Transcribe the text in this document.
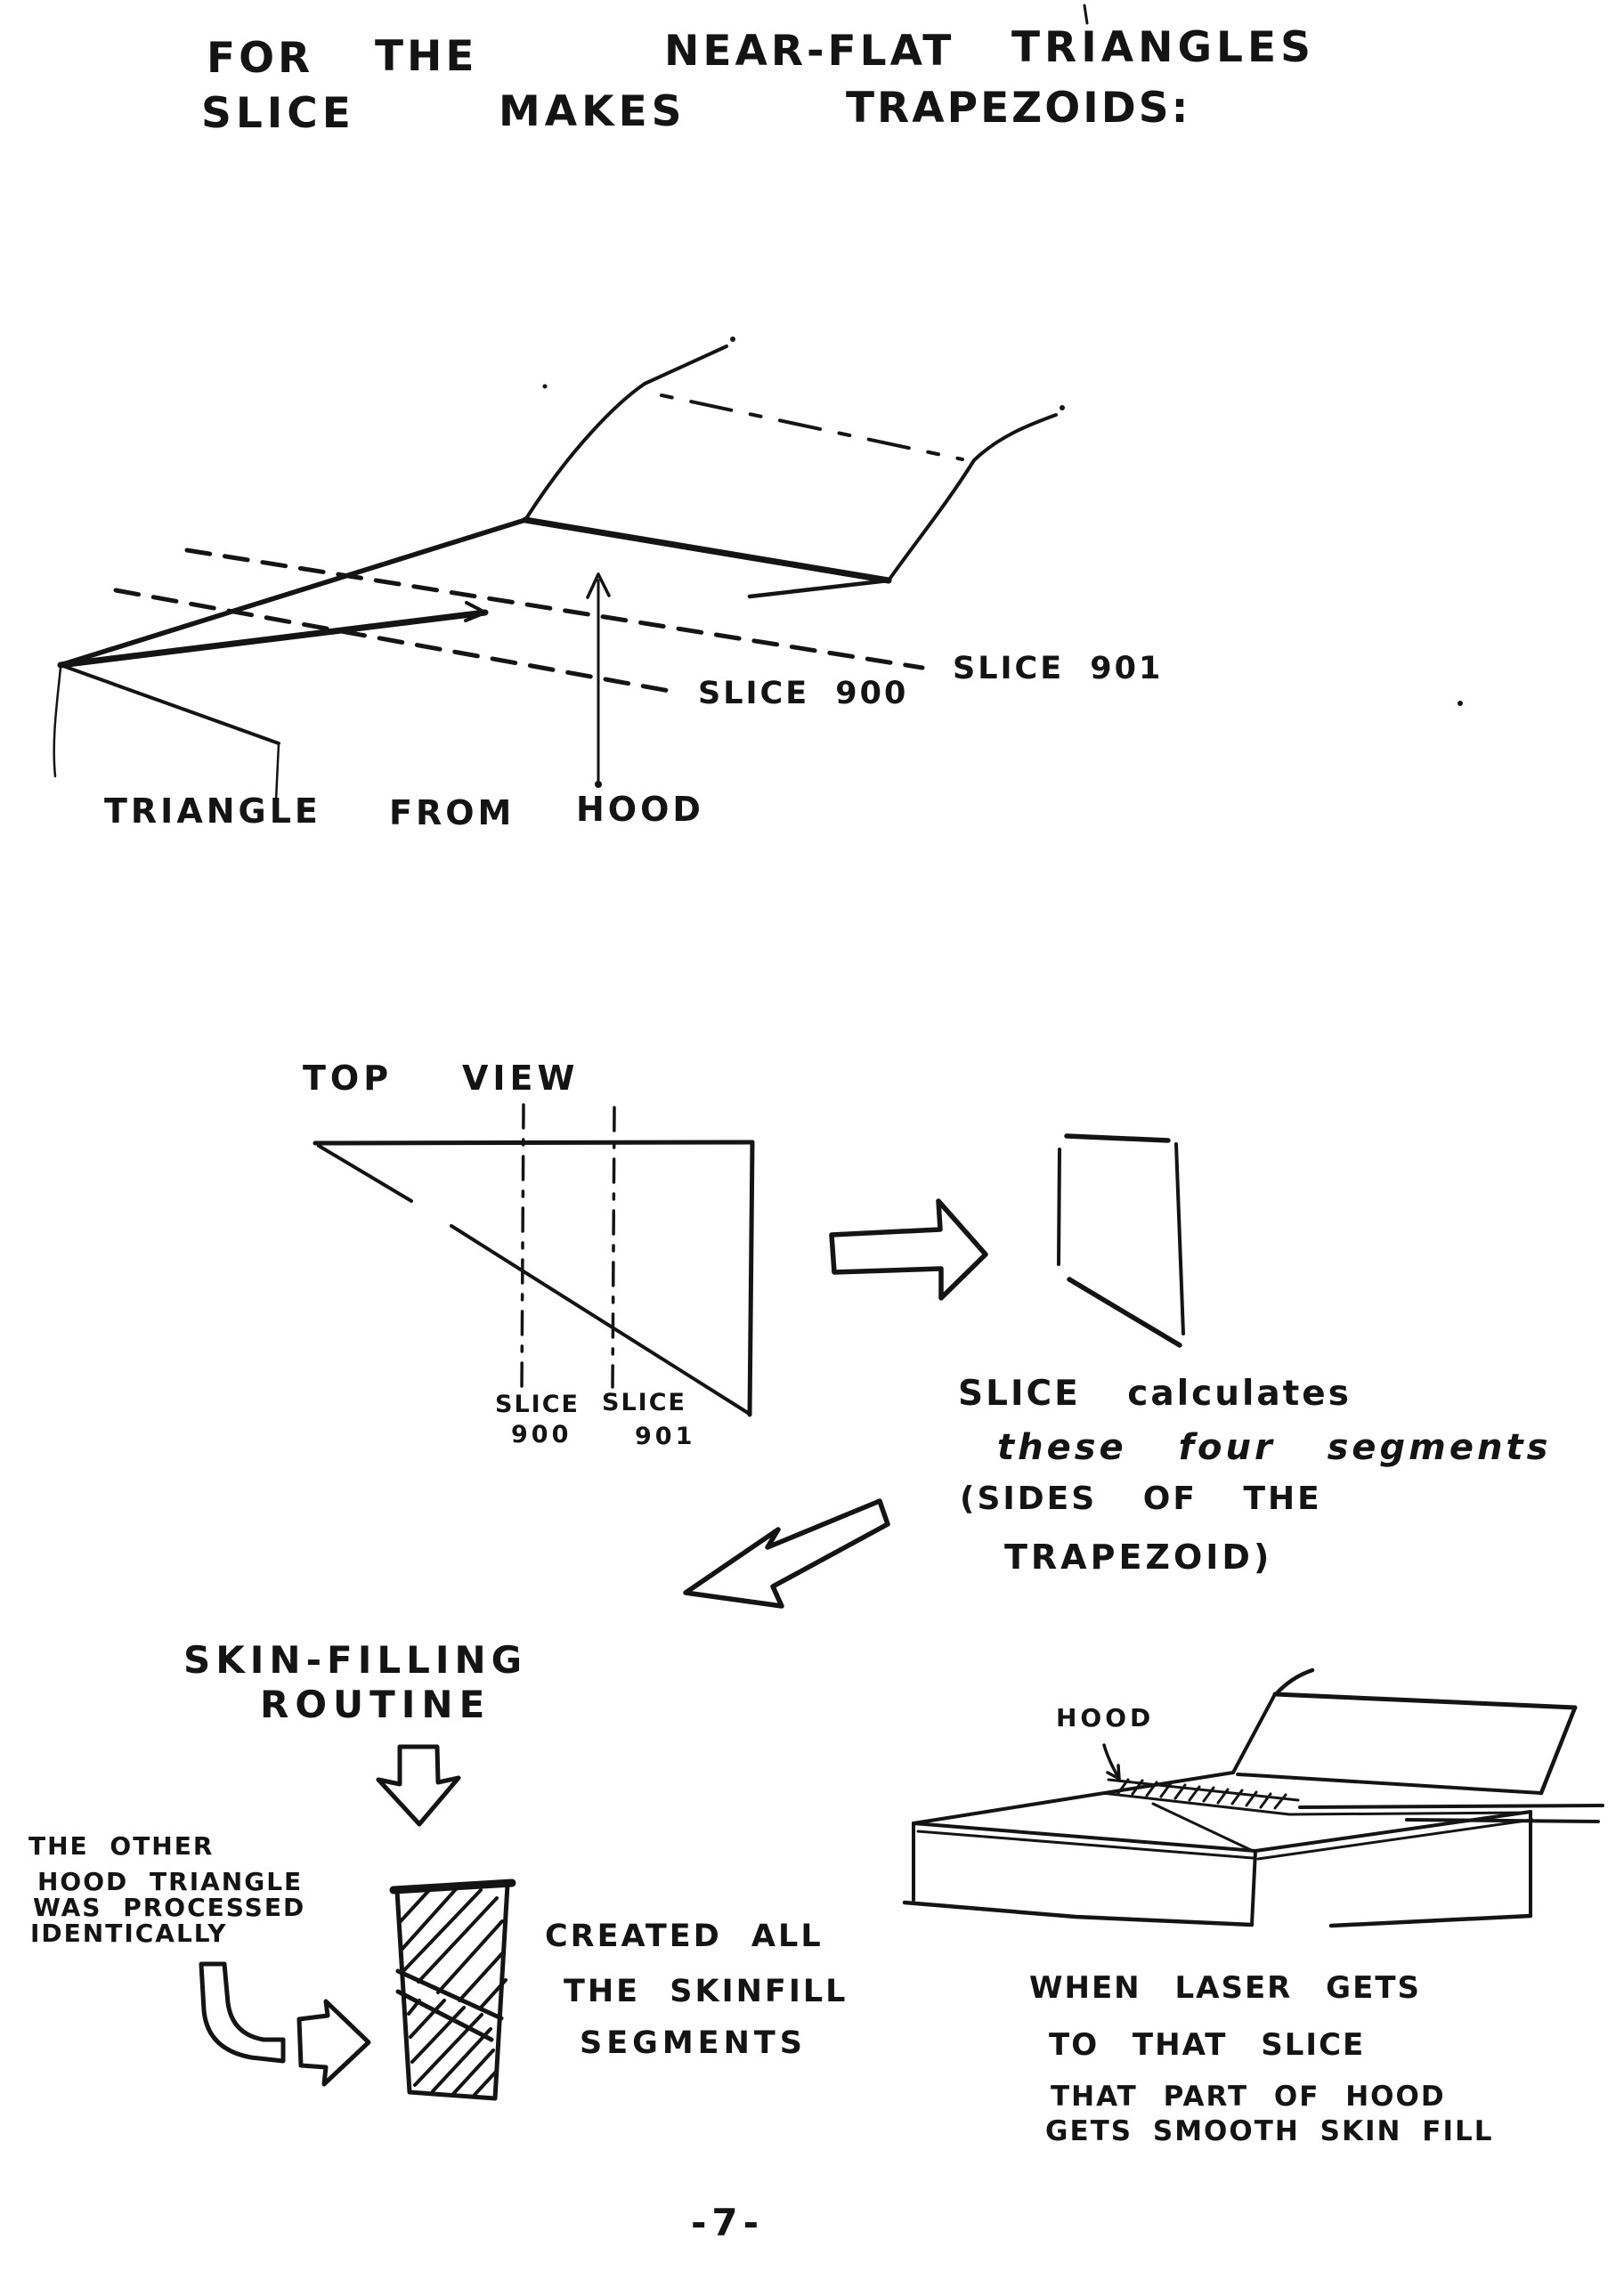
FOR THE	NEAR-FLAT TRIANGLES
SLICE	MAKES	TRAPEZOIDS:
SLICE 900
SLICE 901
TRIANGLE FROM HOOD
TOP VIEW
SLICE
900
SLICE
901
SLICE calculates
these four segments
(SIDES OF THE
TRAPEZOID)
SKIN-FILLING
ROUTINE
THE OTHER
HOOD TRIANGLE
WAS PROCESSED
IDENTICALLY	CREATED ALL
THE SKINFILL
SEGMENTS
HOOD
WHEN LASER GETS
TO THAT SLICE
THAT PART OF HOOD
GETS SMOOTH SKIN FILL
-7-
